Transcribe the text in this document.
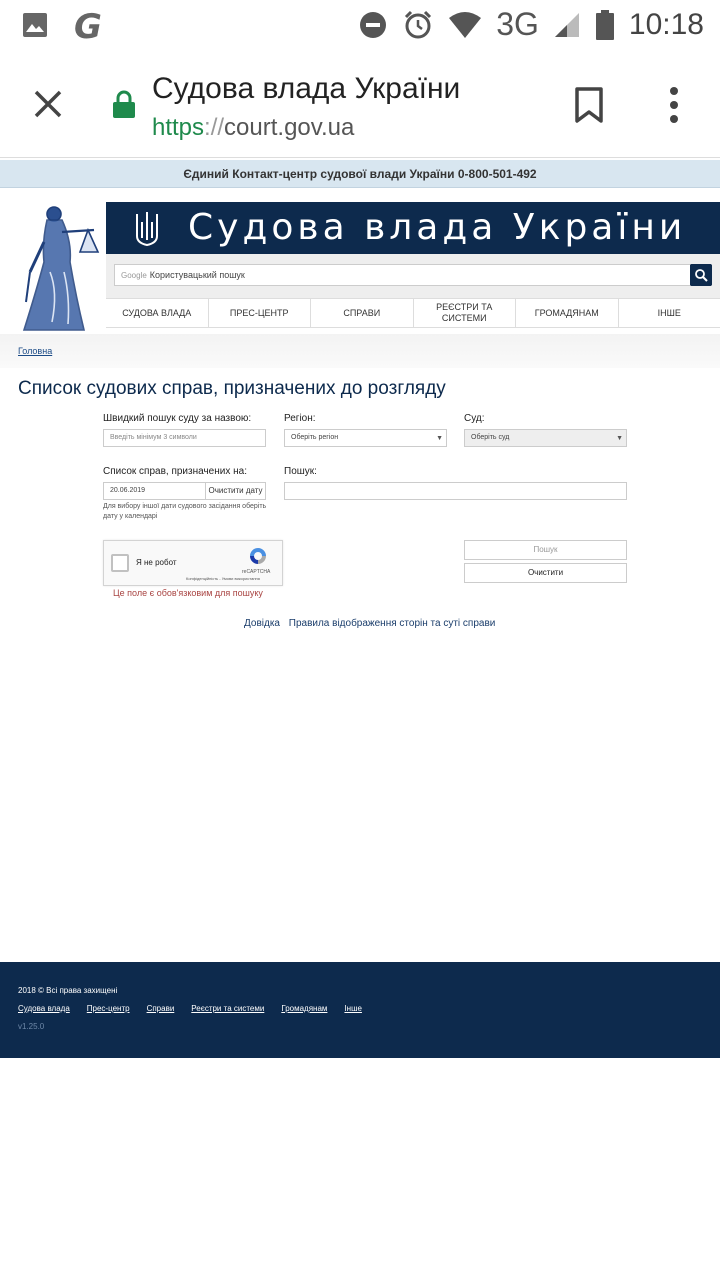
G	3G	10:18
Судова влада України
https://court.gov.ua
Єдиний Контакт-центр судової влади України 0-800-501-492
Судова влада України
Google Користувацький пошук
СУДОВА ВЛАДА	ПРЕС-ЦЕНТР	СПРАВИ
РЕЄСТРИ ТА СИСТЕМИ
ГРОМАДЯНАМ	ІНШЕ
Головна
Список судових справ, призначених до розгляду
Швидкий пошук суду за назвою:
Введіть мінімум 3 символи
Регіон:
Оберіть регіон	▼
Суд:
Оберіть суд	▼
Список справ, призначених на:
20.06.2019	Очистити дату
Для вибору іншої дати судового засідання оберіть дату у календарі
Пошук:
Я не робот
reCAPTCHA
Конфіденційність - Умови використання
Це поле є обов'язковим для пошуку
Пошук
Очистити
Довідка Правила відображення сторін та суті справи
2018 © Всі права захищені
Судова влада Прес-центр Справи Реєстри та системи Громадянам Інше
v1.25.0
